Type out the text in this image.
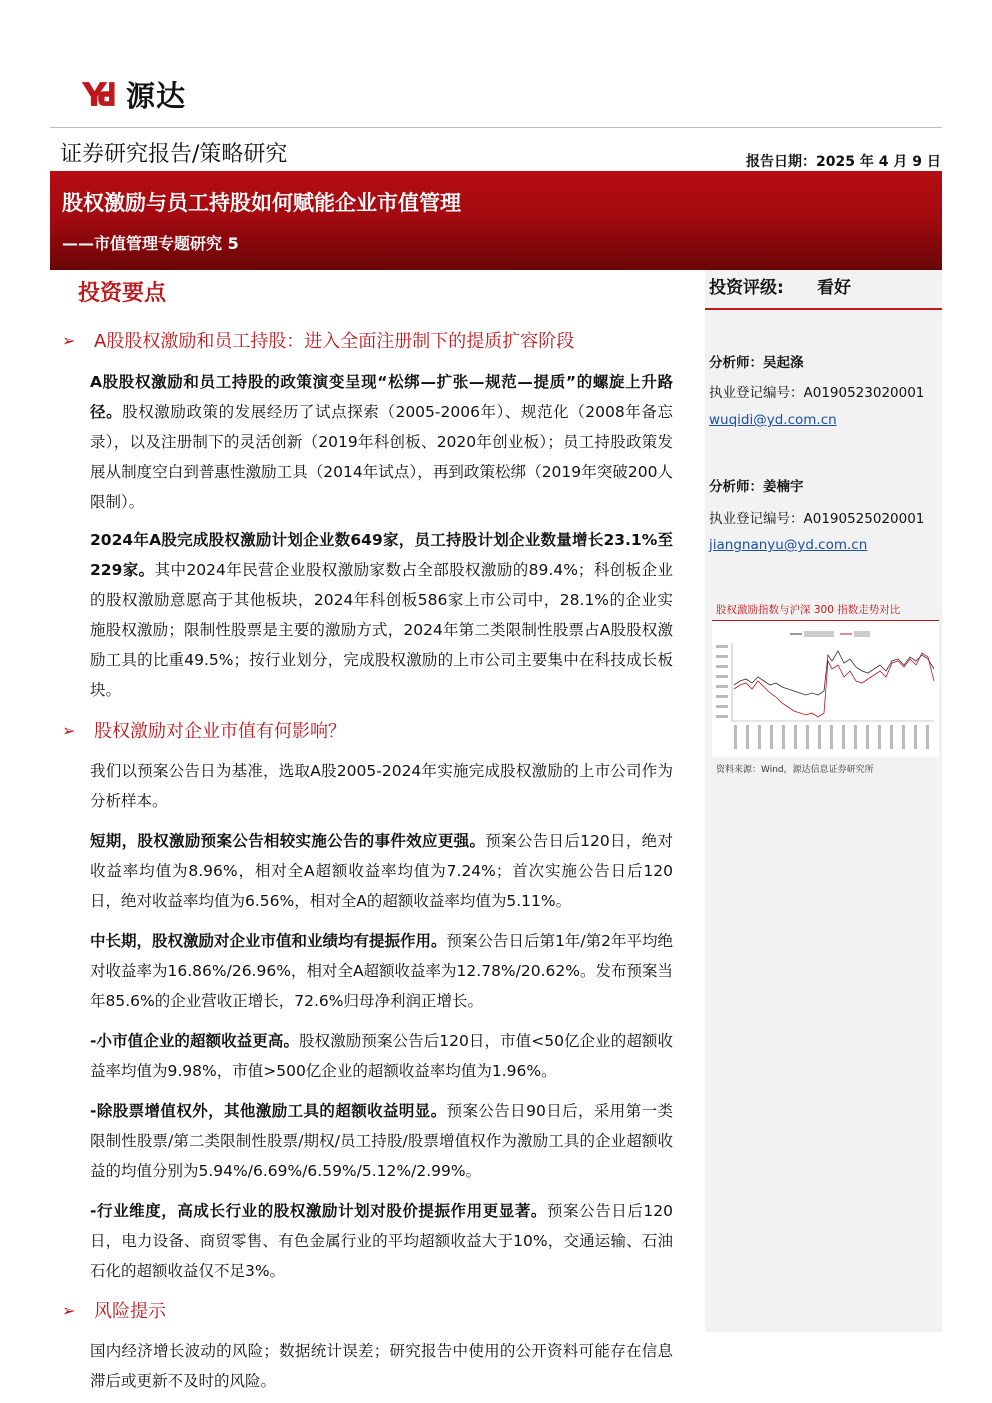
源达
证券研究报告/策略研究	报告日期：2025 年 4 月 9 日
股权激励与员工持股如何赋能企业市值管理
——市值管理专题研究 5
投资要点
➢	A股股权激励和员工持股：进入全面注册制下的提质扩容阶段
A股股权激励和员工持股的政策演变呈现“松绑—扩张—规范—提质”的螺旋上升路径。股权激励政策的发展经历了试点探索（2005-2006年）、规范化（2008年备忘录），以及注册制下的灵活创新（2019年科创板、2020年创业板）；员工持股政策发展从制度空白到普惠性激励工具（2014年试点），再到政策松绑（2019年突破200人限制）。
2024年A股完成股权激励计划企业数649家，员工持股计划企业数量增长23.1%至229家。其中2024年民营企业股权激励家数占全部股权激励的89.4%；科创板企业的股权激励意愿高于其他板块，2024年科创板586家上市公司中，28.1%的企业实施股权激励；限制性股票是主要的激励方式，2024年第二类限制性股票占A股股权激励工具的比重49.5%；按行业划分，完成股权激励的上市公司主要集中在科技成长板块。
➢	股权激励对企业市值有何影响？
我们以预案公告日为基准，选取A股2005-2024年实施完成股权激励的上市公司作为分析样本。
短期，股权激励预案公告相较实施公告的事件效应更强。预案公告日后120日，绝对收益率均值为8.96%，相对全A超额收益率均值为7.24%；首次实施公告日后120日，绝对收益率均值为6.56%，相对全A的超额收益率均值为5.11%。
中长期，股权激励对企业市值和业绩均有提振作用。预案公告日后第1年/第2年平均绝对收益率为16.86%/26.96%，相对全A超额收益率为12.78%/20.62%。发布预案当年85.6%的企业营收正增长，72.6%归母净利润正增长。
-小市值企业的超额收益更高。股权激励预案公告后120日，市值<50亿企业的超额收益率均值为9.98%，市值>500亿企业的超额收益率均值为1.96%。
-除股票增值权外，其他激励工具的超额收益明显。预案公告日90日后，采用第一类限制性股票/第二类限制性股票/期权/员工持股/股票增值权作为激励工具的企业超额收益的均值分别为5.94%/6.69%/6.59%/5.12%/2.99%。
-行业维度，高成长行业的股权激励计划对股价提振作用更显著。预案公告日后120日，电力设备、商贸零售、有色金属行业的平均超额收益大于10%，交通运输、石油石化的超额收益仅不足3%。
➢	风险提示
国内经济增长波动的风险；数据统计误差；研究报告中使用的公开资料可能存在信息滞后或更新不及时的风险。
投资评级: 看好
分析师：吴起涤
执业登记编号：A0190523020001
wuqidi@yd.com.cn
分析师：姜楠宇
执业登记编号：A0190525020001
jiangnanyu@yd.com.cn
股权激励指数与沪深 300 指数走势对比
资料来源：Wind，源达信息证券研究所
